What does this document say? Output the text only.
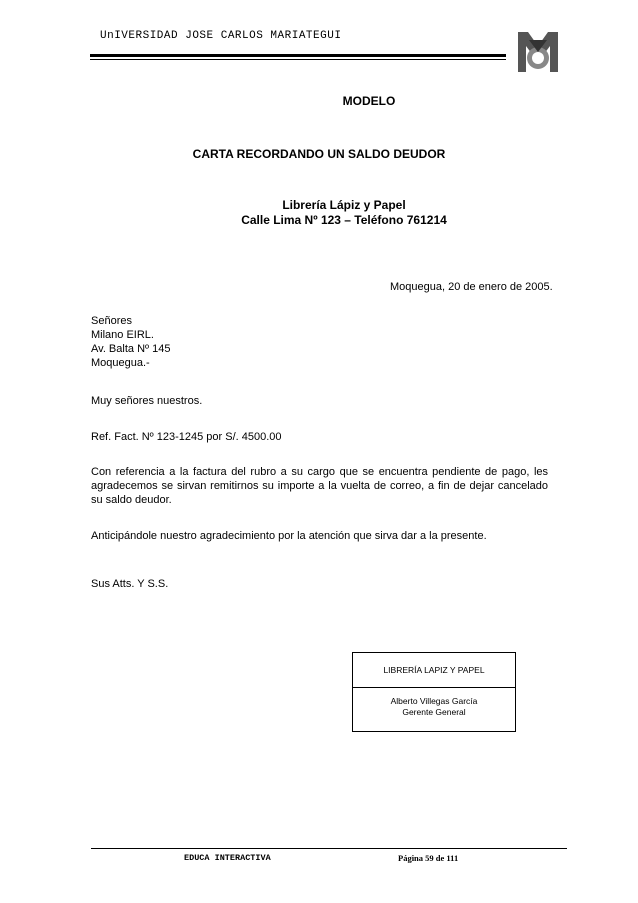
UnIVERSIDAD JOSE CARLOS MARIATEGUI
MODELO
CARTA RECORDANDO UN SALDO DEUDOR
Librería Lápiz y Papel
Calle Lima Nº 123 – Teléfono 761214
Moquegua, 20 de enero de 2005.
Señores
Milano EIRL.
Av. Balta Nº 145
Moquegua.-
Muy señores nuestros.
Ref. Fact. Nº 123-1245 por S/. 4500.00
Con referencia a la factura del rubro a su cargo que se encuentra pendiente de pago, les agradecemos se sirvan remitirnos su importe a la vuelta de correo, a fin de dejar cancelado su saldo deudor.
Anticipándole nuestro agradecimiento por la atención que sirva dar a la presente.
Sus Atts. Y S.S.
LIBRERÍA LAPIZ Y PAPEL
Alberto Villegas García
Gerente General
EDUCA INTERACTIVA	Página 59 de 111
